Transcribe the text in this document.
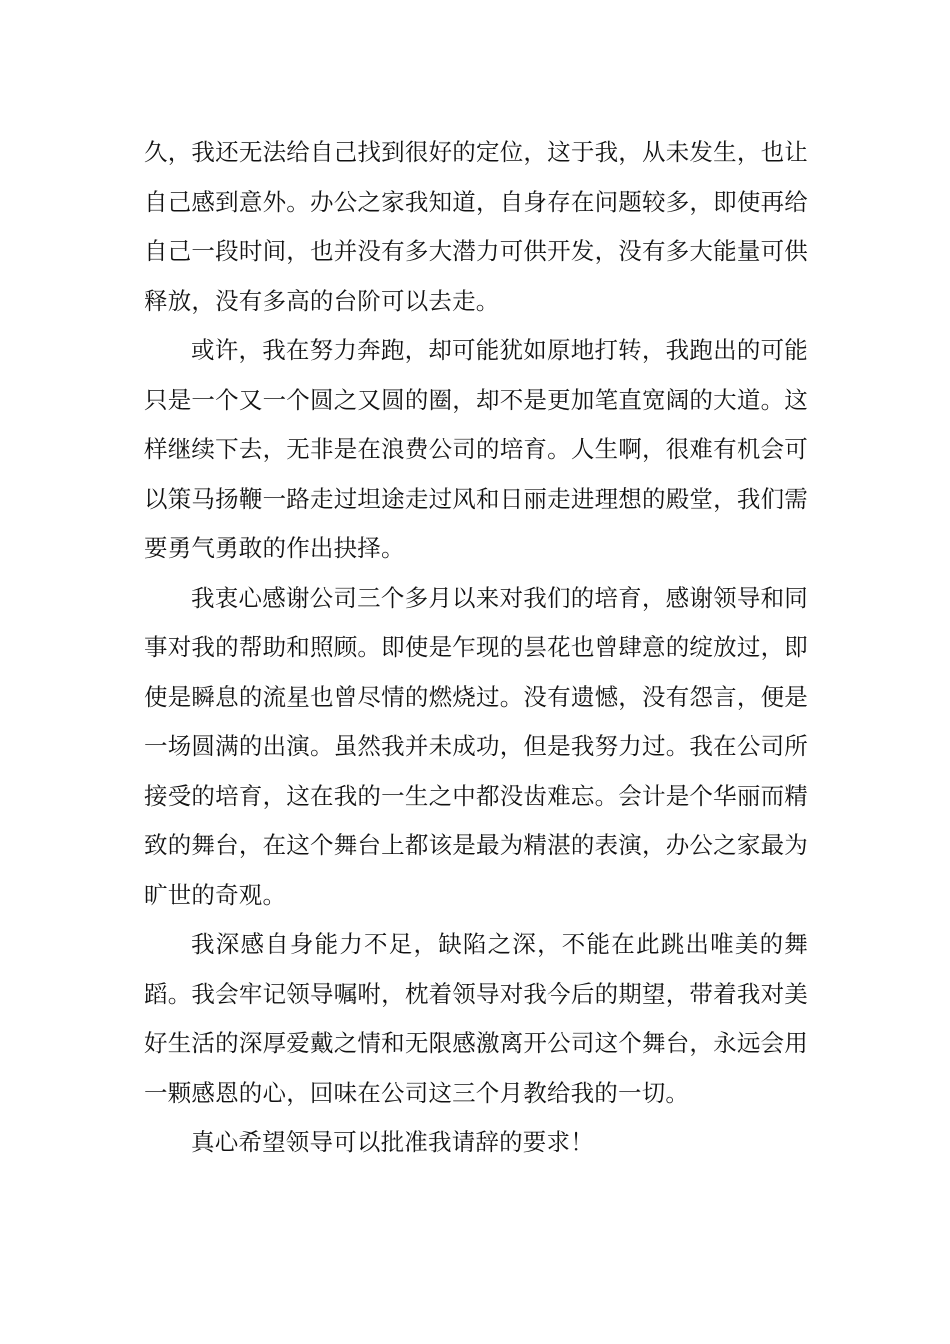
久，我还无法给自己找到很好的定位，这于我，从未发生，也让自己感到意外。办公之家我知道，自身存在问题较多，即使再给自己一段时间，也并没有多大潜力可供开发，没有多大能量可供释放，没有多高的台阶可以去走。

或许，我在努力奔跑，却可能犹如原地打转，我跑出的可能只是一个又一个圆之又圆的圈，却不是更加笔直宽阔的大道。这样继续下去，无非是在浪费公司的培育。人生啊，很难有机会可以策马扬鞭一路走过坦途走过风和日丽走进理想的殿堂，我们需要勇气勇敢的作出抉择。

我衷心感谢公司三个多月以来对我们的培育，感谢领导和同事对我的帮助和照顾。即使是乍现的昙花也曾肆意的绽放过，即使是瞬息的流星也曾尽情的燃烧过。没有遗憾，没有怨言，便是一场圆满的出演。虽然我并未成功，但是我努力过。我在公司所接受的培育，这在我的一生之中都没齿难忘。会计是个华丽而精致的舞台，在这个舞台上都该是最为精湛的表演，办公之家最为旷世的奇观。

我深感自身能力不足，缺陷之深，不能在此跳出唯美的舞蹈。我会牢记领导嘱咐，枕着领导对我今后的期望，带着我对美好生活的深厚爱戴之情和无限感激离开公司这个舞台，永远会用一颗感恩的心，回味在公司这三个月教给我的一切。

真心希望领导可以批准我请辞的要求！
